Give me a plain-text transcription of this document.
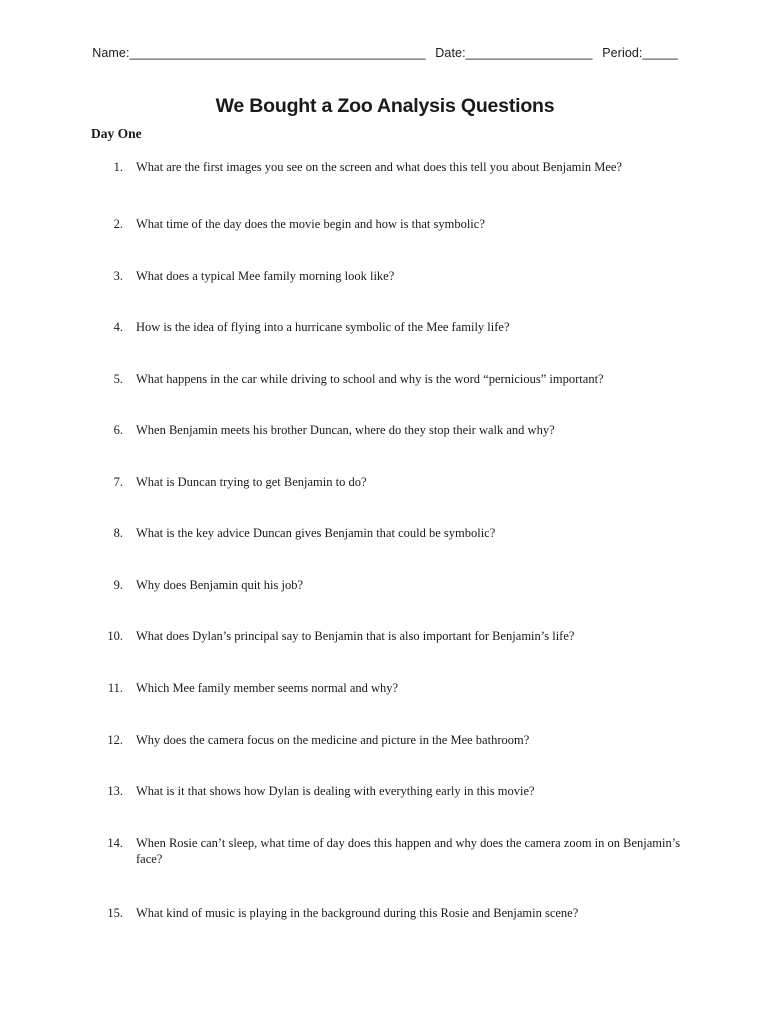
Name:__________________________________________ Date:__________________ Period:_____
We Bought a Zoo Analysis Questions
Day One
1. What are the first images you see on the screen and what does this tell you about Benjamin Mee?
2. What time of the day does the movie begin and how is that symbolic?
3. What does a typical Mee family morning look like?
4. How is the idea of flying into a hurricane symbolic of the Mee family life?
5. What happens in the car while driving to school and why is the word “pernicious” important?
6. When Benjamin meets his brother Duncan, where do they stop their walk and why?
7. What is Duncan trying to get Benjamin to do?
8. What is the key advice Duncan gives Benjamin that could be symbolic?
9. Why does Benjamin quit his job?
10. What does Dylan’s principal say to Benjamin that is also important for Benjamin’s life?
11. Which Mee family member seems normal and why?
12. Why does the camera focus on the medicine and picture in the Mee bathroom?
13. What is it that shows how Dylan is dealing with everything early in this movie?
14. When Rosie can’t sleep, what time of day does this happen and why does the camera zoom in on Benjamin’s face?
15. What kind of music is playing in the background during this Rosie and Benjamin scene?
